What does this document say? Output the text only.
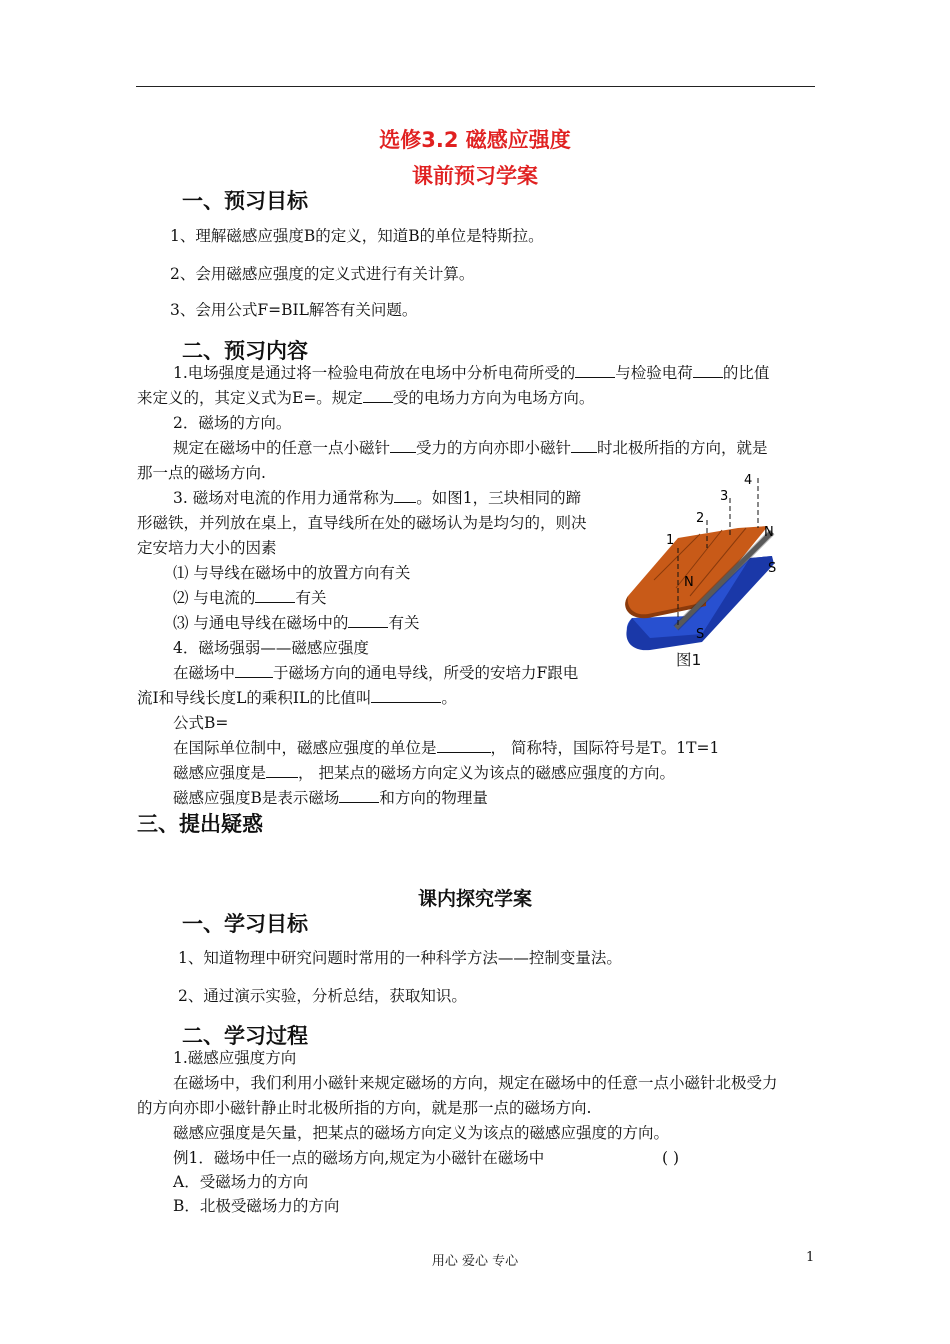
选修3.2 磁感应强度
课前预习学案
一、预习目标
1、理解磁感应强度B的定义，知道B的单位是特斯拉。
2、会用磁感应强度的定义式进行有关计算。
3、会用公式F=BIL解答有关问题。
二、预习内容
1.电场强度是通过将一检验电荷放在电场中分析电荷所受的	与检验电荷 的比值
来定义的，其定义式为E=。规定 受的电场力方向为电场方向。
2．磁场的方向。
规定在磁场中的任意一点小磁针 受力的方向亦即小磁针 时北极所指的方向，就是
那一点的磁场方向.
3. 磁场对电流的作用力通常称为 。如图1，三块相同的蹄
形磁铁，并列放在桌上，直导线所在处的磁场认为是均匀的，则决
定安培力大小的因素
⑴ 与导线在磁场中的放置方向有关
⑵ 与电流的	有关
⑶ 与通电导线在磁场中的	有关
4．磁场强弱——磁感应强度
在磁场中 于磁场方向的通电导线，所受的安培力F跟电
流I和导线长度L的乘积IL的比值叫	。
公式B=
在国际单位制中，磁感应强度的单位是	， 简称特，国际符号是T。1T=1
磁感应强度是 ， 把某点的磁场方向定义为该点的磁感应强度的方向。
磁感应强度B是表示磁场	和方向的物理量
三、提出疑惑
4
3
2
1
N
S
N
S
图1
课内探究学案
一、学习目标
1、知道物理中研究问题时常用的一种科学方法——控制变量法。
2、通过演示实验，分析总结，获取知识。
二、学习过程
1.磁感应强度方向
在磁场中，我们利用小磁针来规定磁场的方向，规定在磁场中的任意一点小磁针北极受力
的方向亦即小磁针静止时北极所指的方向，就是那一点的磁场方向.
磁感应强度是矢量，把某点的磁场方向定义为该点的磁感应强度的方向。
例1．磁场中任一点的磁场方向,规定为小磁针在磁场中	( )
A．受磁场力的方向
B．北极受磁场力的方向
用心 爱心 专心	1
